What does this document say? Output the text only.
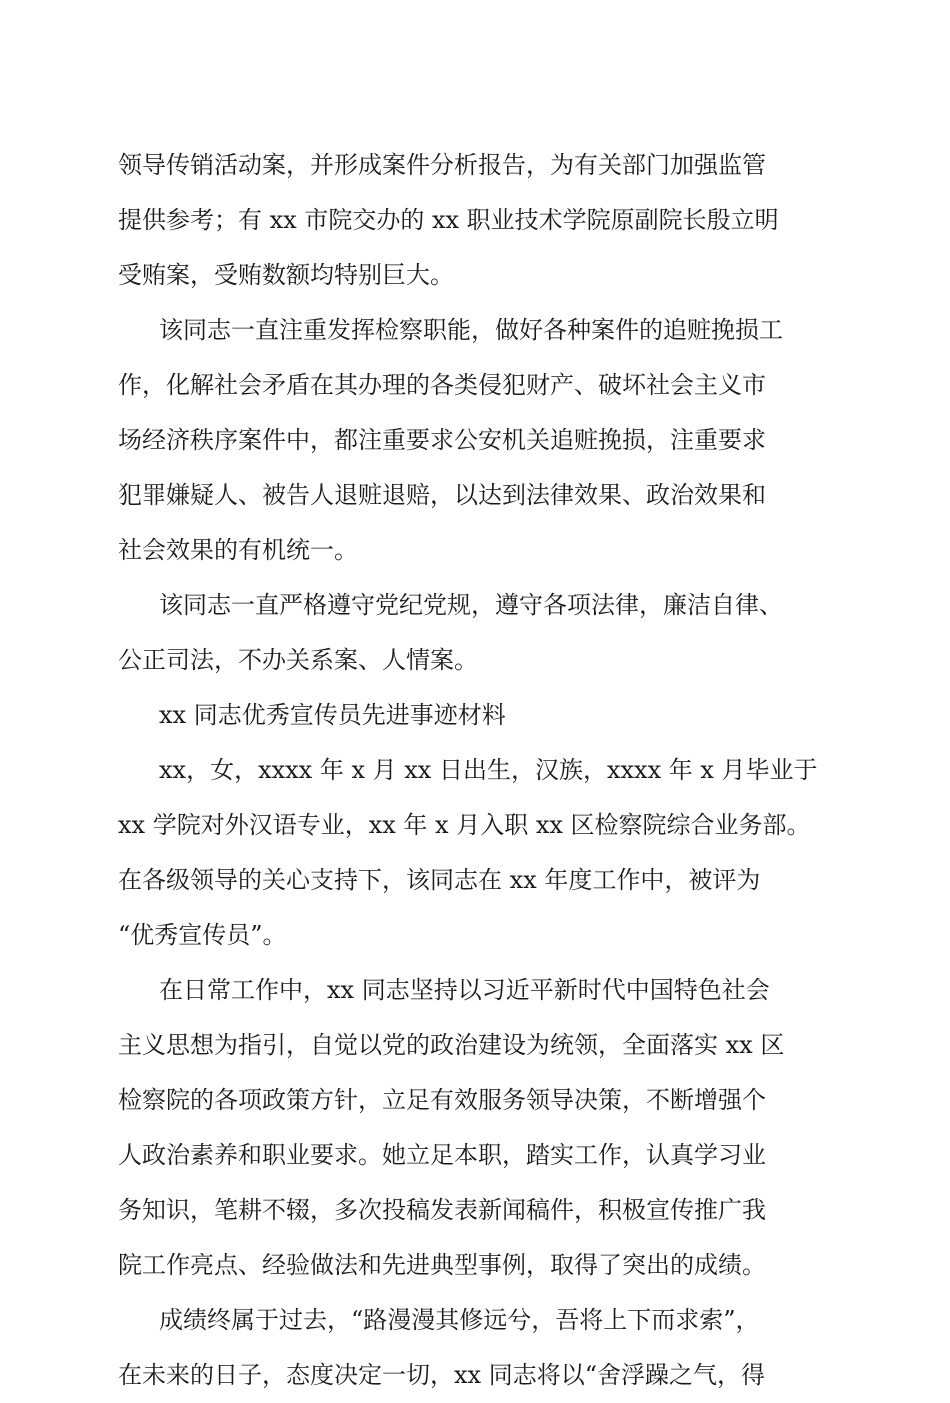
领导传销活动案，并形成案件分析报告，为有关部门加强监管
提供参考；有 xx 市院交办的 xx 职业技术学院原副院长殷立明
受贿案，受贿数额均特别巨大。
该同志一直注重发挥检察职能，做好各种案件的追赃挽损工
作，化解社会矛盾在其办理的各类侵犯财产、破坏社会主义市
场经济秩序案件中，都注重要求公安机关追赃挽损，注重要求
犯罪嫌疑人、被告人退赃退赔，以达到法律效果、政治效果和
社会效果的有机统一。
该同志一直严格遵守党纪党规，遵守各项法律，廉洁自律、
公正司法，不办关系案、人情案。
xx 同志优秀宣传员先进事迹材料
xx，女，xxxx 年 x 月 xx 日出生，汉族，xxxx 年 x 月毕业于
xx 学院对外汉语专业，xx 年 x 月入职 xx 区检察院综合业务部。
在各级领导的关心支持下，该同志在 xx 年度工作中，被评为
“优秀宣传员”。
在日常工作中，xx 同志坚持以习近平新时代中国特色社会
主义思想为指引，自觉以党的政治建设为统领，全面落实 xx 区
检察院的各项政策方针，立足有效服务领导决策，不断增强个
人政治素养和职业要求。她立足本职，踏实工作，认真学习业
务知识，笔耕不辍，多次投稿发表新闻稿件，积极宣传推广我
院工作亮点、经验做法和先进典型事例，取得了突出的成绩。
成绩终属于过去，“路漫漫其修远兮，吾将上下而求索”，
在未来的日子，态度决定一切，xx 同志将以“舍浮躁之气，得
